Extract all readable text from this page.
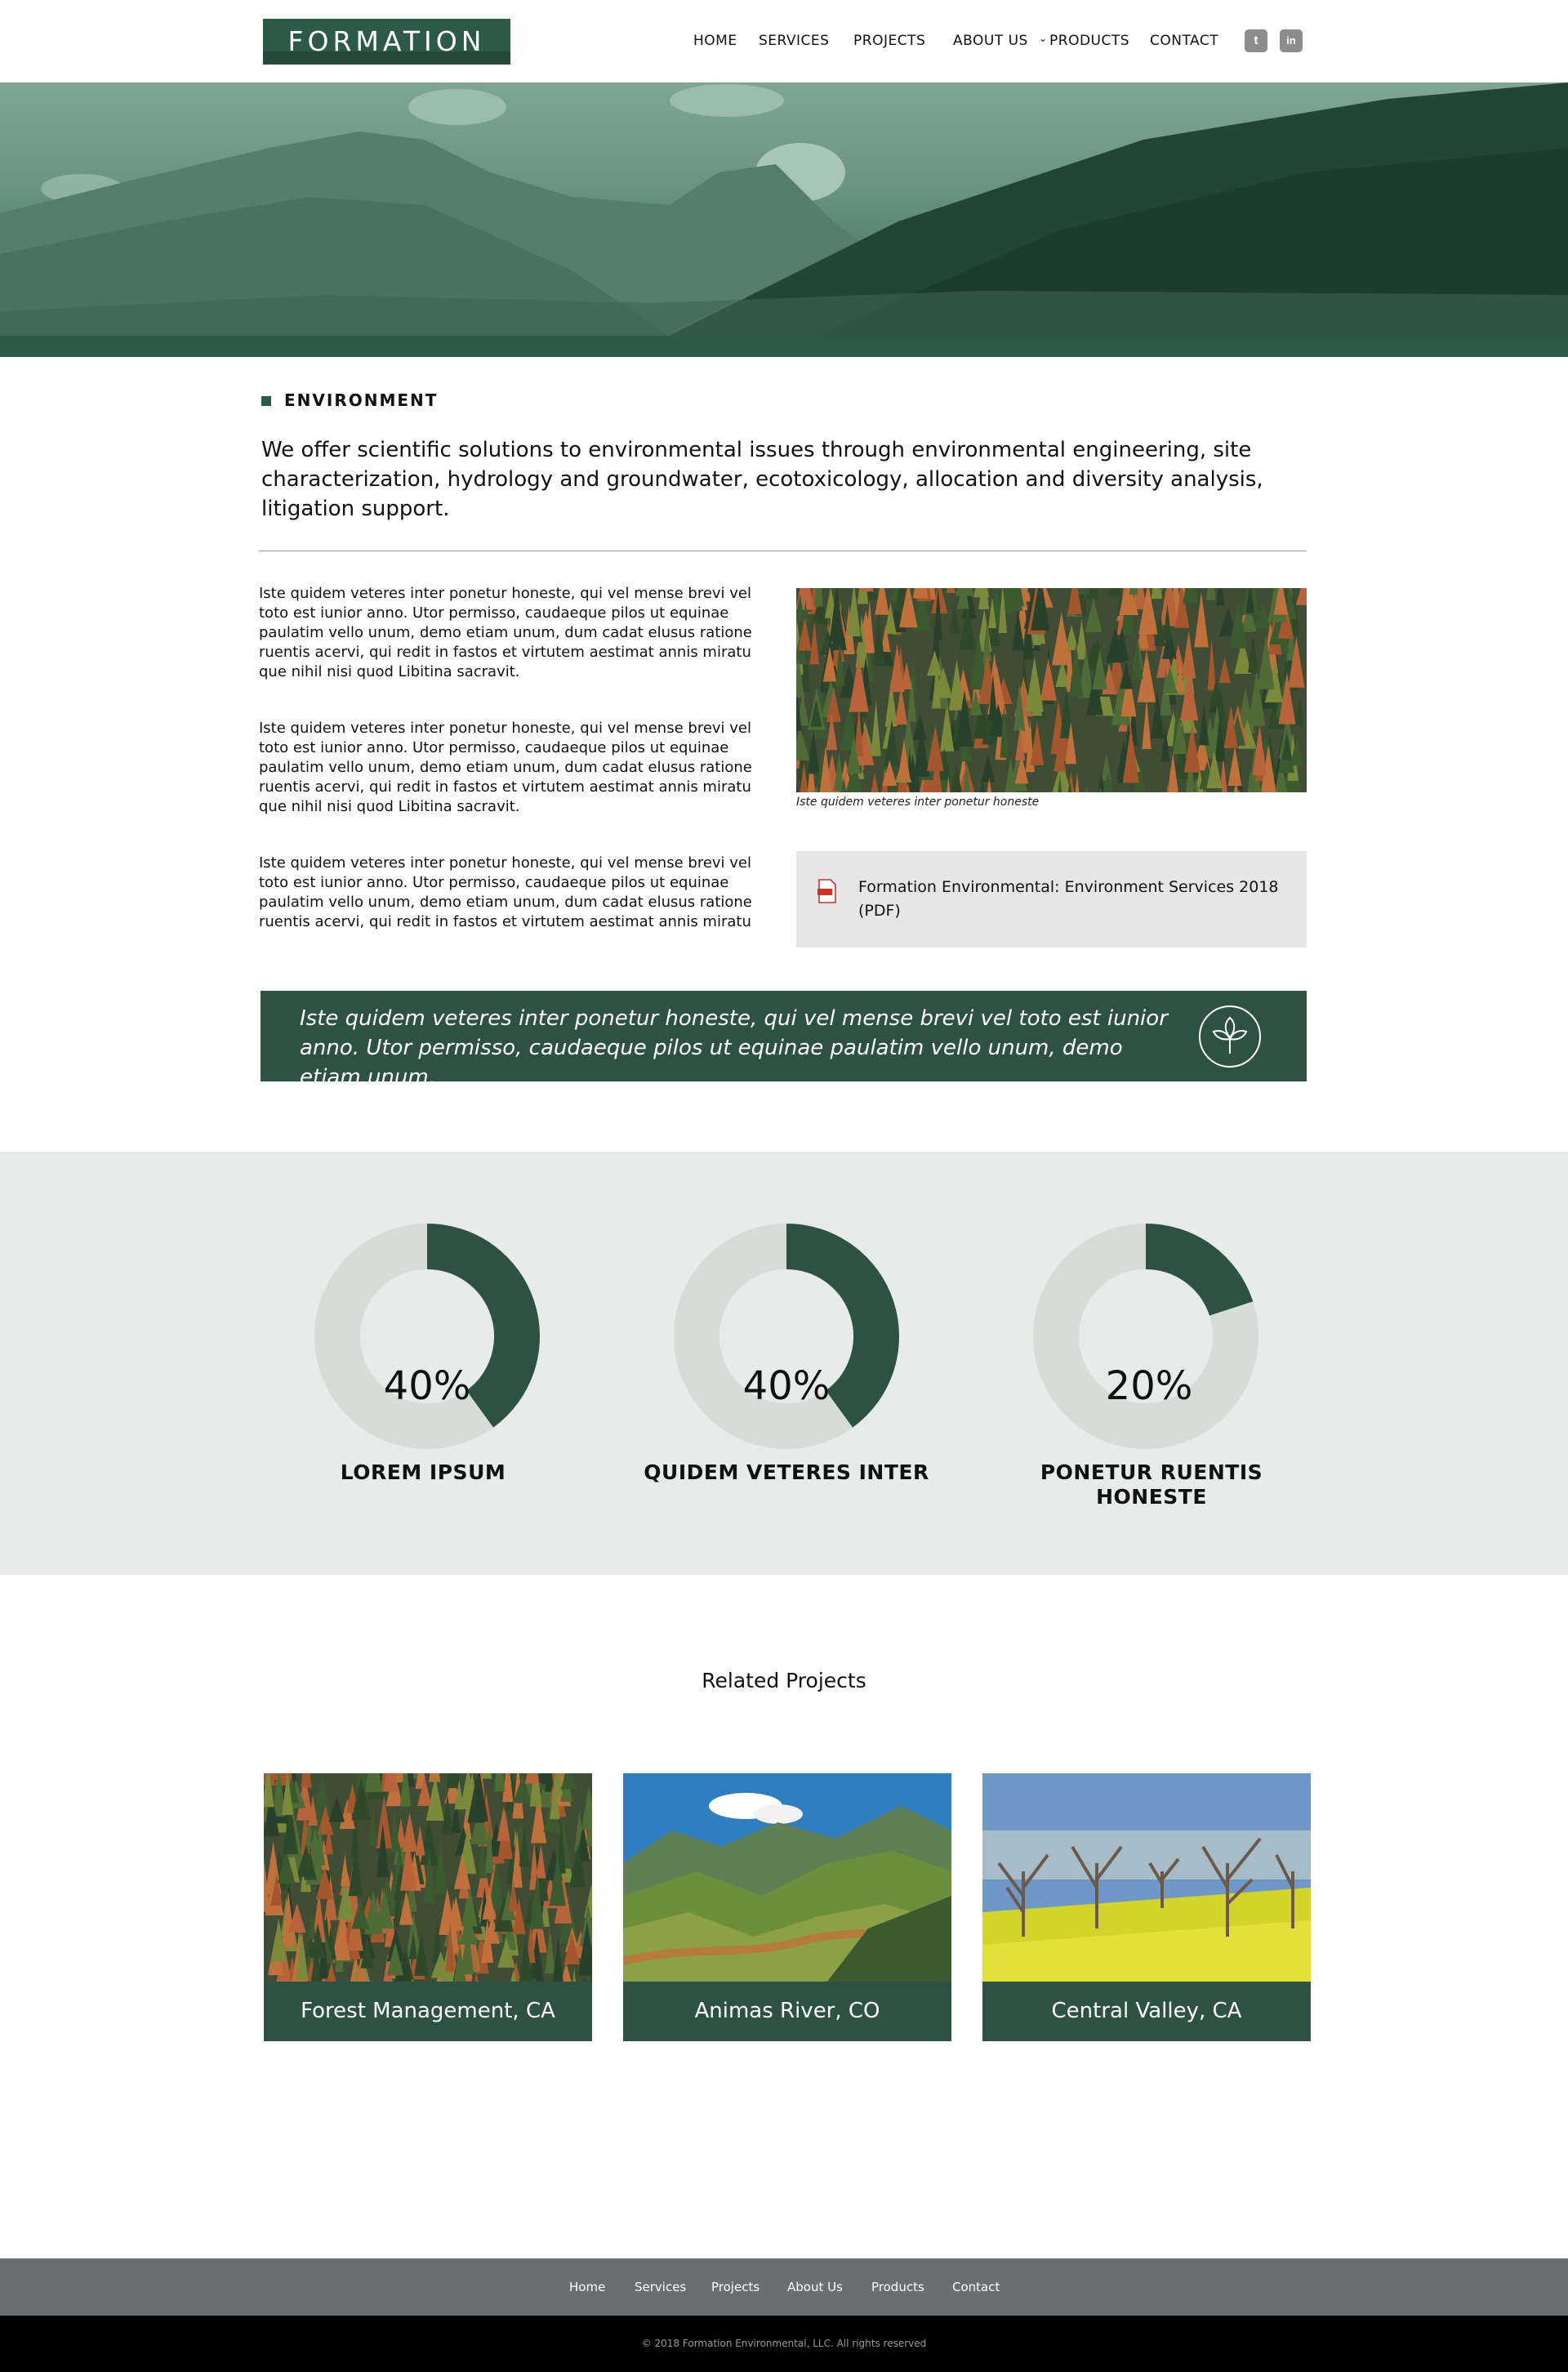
FORMATION	HOME SERVICES PROJECTS ABOUT US ⌄ PRODUCTS CONTACT	t	in
ENVIRONMENT
We offer scientific solutions to environmental issues through environmental engineering, site characterization, hydrology and groundwater, ecotoxicology, allocation and diversity analysis, litigation support.
Iste quidem veteres inter ponetur honeste, qui vel mense brevi vel toto est iunior anno. Utor permisso, caudaeque pilos ut equinae paulatim vello unum, demo etiam unum, dum cadat elusus ratione ruentis acervi, qui redit in fastos et virtutem aestimat annis miratu que nihil nisi quod Libitina sacravit.
Iste quidem veteres inter ponetur honeste, qui vel mense brevi vel toto est iunior anno. Utor permisso, caudaeque pilos ut equinae paulatim vello unum, demo etiam unum, dum cadat elusus ratione ruentis acervi, qui redit in fastos et virtutem aestimat annis miratu que nihil nisi quod Libitina sacravit.
Iste quidem veteres inter ponetur honeste, qui vel mense brevi vel toto est iunior anno. Utor permisso, caudaeque pilos ut equinae paulatim vello unum, demo etiam unum, dum cadat elusus ratione ruentis acervi, qui redit in fastos et virtutem aestimat annis miratu
Iste quidem veteres inter ponetur honeste
Formation Environmental: Environment Services 2018 (PDF)
Iste quidem veteres inter ponetur honeste, qui vel mense brevi vel toto est iunior anno. Utor permisso, caudaeque pilos ut equinae paulatim vello unum, demo etiam unum.
40%
LOREM IPSUM
40%
QUIDEM VETERES INTER
20%
PONETUR RUENTIS HONESTE
Related Projects
Forest Management, CA	Animas River, CO	Central Valley, CA
Home Services Projects About Us Products Contact
© 2018 Formation Environmental, LLC. All rights reserved
